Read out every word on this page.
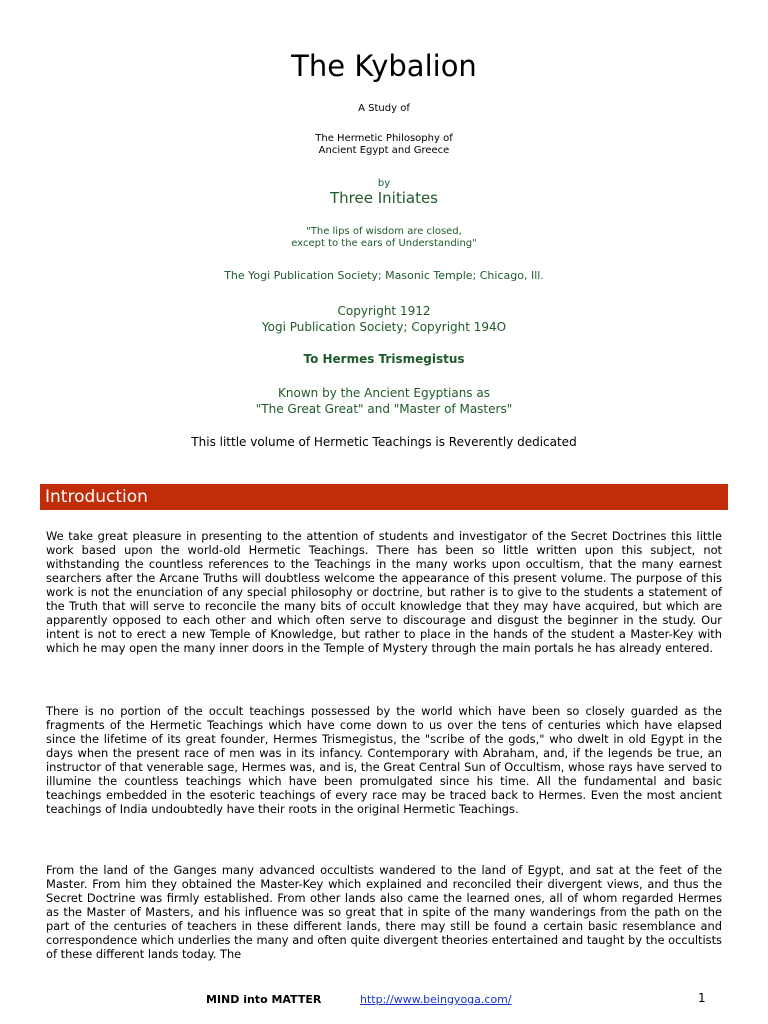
The Kybalion
A Study of
The Hermetic Philosophy of
Ancient Egypt and Greece
by
Three Initiates
"The lips of wisdom are closed,
except to the ears of Understanding"
The Yogi Publication Society; Masonic Temple; Chicago, Ill.
Copyright 1912
Yogi Publication Society; Copyright 194O
To Hermes Trismegistus
Known by the Ancient Egyptians as
"The Great Great" and "Master of Masters"
This little volume of Hermetic Teachings is Reverently dedicated
Introduction

We take great pleasure in presenting to the attention of students and investigator of the Secret Doctrines this little work based upon the world-old Hermetic Teachings. There has been so little written upon this subject, not withstanding the countless references to the Teachings in the many works upon occultism, that the many earnest searchers after the Arcane Truths will doubtless welcome the appearance of this present volume. The purpose of this work is not the enunciation of any special philosophy or doctrine, but rather is to give to the students a statement of the Truth that will serve to reconcile the many bits of occult knowledge that they may have acquired, but which are apparently opposed to each other and which often serve to discourage and disgust the beginner in the study. Our intent is not to erect a new Temple of Knowledge, but rather to place in the hands of the student a Master-Key with which he may open the many inner doors in the Temple of Mystery through the main portals he has already entered.

There is no portion of the occult teachings possessed by the world which have been so closely guarded as the fragments of the Hermetic Teachings which have come down to us over the tens of centuries which have elapsed since the lifetime of its great founder, Hermes Trismegistus, the "scribe of the gods," who dwelt in old Egypt in the days when the present race of men was in its infancy. Contemporary with Abraham, and, if the legends be true, an instructor of that venerable sage, Hermes was, and is, the Great Central Sun of Occultism, whose rays have served to illumine the countless teachings which have been promulgated since his time. All the fundamental and basic teachings embedded in the esoteric teachings of every race may be traced back to Hermes. Even the most ancient teachings of India undoubtedly have their roots in the original Hermetic Teachings.

From the land of the Ganges many advanced occultists wandered to the land of Egypt, and sat at the feet of the Master. From him they obtained the Master-Key which explained and reconciled their divergent views, and thus the Secret Doctrine was firmly established. From other lands also came the learned ones, all of whom regarded Hermes as the Master of Masters, and his influence was so great that in spite of the many wanderings from the path on the part of the centuries of teachers in these different lands, there may still be found a certain basic resemblance and correspondence which underlies the many and often quite divergent theories entertained and taught by the occultists of these different lands today. The

MIND into MATTER	http://www.beingyoga.com/	1
